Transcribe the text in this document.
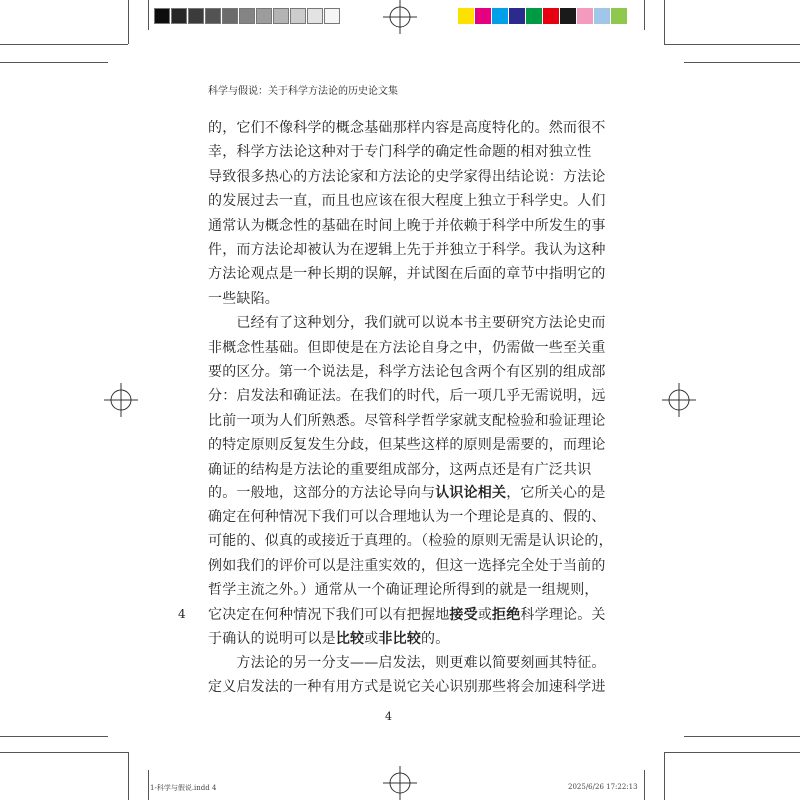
科学与假说：关于科学方法论的历史论文集
的，它们不像科学的概念基础那样内容是高度特化的。然而很不
幸，科学方法论这种对于专门科学的确定性命题的相对独立性
导致很多热心的方法论家和方法论的史学家得出结论说：方法论
的发展过去一直，而且也应该在很大程度上独立于科学史。人们
通常认为概念性的基础在时间上晚于并依赖于科学中所发生的事
件，而方法论却被认为在逻辑上先于并独立于科学。我认为这种
方法论观点是一种长期的误解，并试图在后面的章节中指明它的
一些缺陷。
　　已经有了这种划分，我们就可以说本书主要研究方法论史而
非概念性基础。但即使是在方法论自身之中，仍需做一些至关重
要的区分。第一个说法是，科学方法论包含两个有区别的组成部
分：启发法和确证法。在我们的时代，后一项几乎无需说明，远
比前一项为人们所熟悉。尽管科学哲学家就支配检验和验证理论
的特定原则反复发生分歧，但某些这样的原则是需要的，而理论
确证的结构是方法论的重要组成部分，这两点还是有广泛共识
的。一般地，这部分的方法论导向与认识论相关，它所关心的是
确定在何种情况下我们可以合理地认为一个理论是真的、假的、
可能的、似真的或接近于真理的。（检验的原则无需是认识论的，
例如我们的评价可以是注重实效的，但这一选择完全处于当前的
哲学主流之外。）通常从一个确证理论所得到的就是一组规则，
它决定在何种情况下我们可以有把握地接受或拒绝科学理论。关
于确认的说明可以是比较或非比较的。
　　方法论的另一分支——启发法，则更难以简要刻画其特征。
定义启发法的一种有用方式是说它关心识别那些将会加速科学进
4
4
1-科学与假说.indd 4	2025/6/26 17:22:13
